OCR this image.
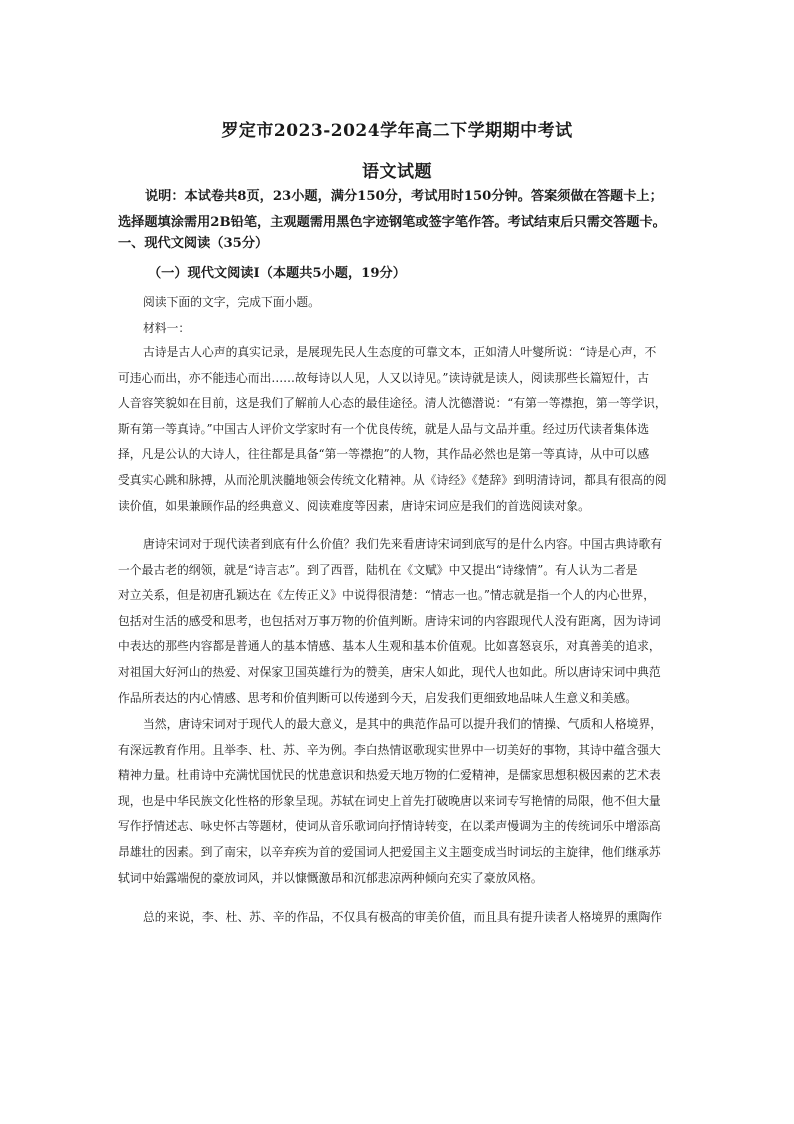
罗定市2023-2024学年高二下学期期中考试
语文试题
说明：本试卷共8页，23小题，满分150分，考试用时150分钟。答案须做在答题卡上；
选择题填涂需用2B铅笔，主观题需用黑色字迹钢笔或签字笔作答。考试结束后只需交答题卡。
一、现代文阅读（35分）
（一）现代文阅读Ⅰ（本题共5小题，19分）
阅读下面的文字，完成下面小题。
材料一：
古诗是古人心声的真实记录，是展现先民人生态度的可靠文本，正如清人叶燮所说：“诗是心声，不
可违心而出，亦不能违心而出……故每诗以人见，人又以诗见。”读诗就是读人，阅读那些长篇短什，古
人音容笑貌如在目前，这是我们了解前人心态的最佳途径。清人沈德潜说：“有第一等襟抱，第一等学识，
斯有第一等真诗。”中国古人评价文学家时有一个优良传统，就是人品与文品并重。经过历代读者集体选
择，凡是公认的大诗人，往往都是具备“第一等襟抱”的人物，其作品必然也是第一等真诗，从中可以感
受真实心跳和脉搏，从而沦肌浃髓地领会传统文化精神。从《诗经》《楚辞》到明清诗词，都具有很高的阅
读价值，如果兼顾作品的经典意义、阅读难度等因素，唐诗宋词应是我们的首选阅读对象。
唐诗宋词对于现代读者到底有什么价值？我们先来看唐诗宋词到底写的是什么内容。中国古典诗歌有
一个最古老的纲领，就是“诗言志”。到了西晋，陆机在《文赋》中又提出“诗缘情”。有人认为二者是
对立关系，但是初唐孔颖达在《左传正义》中说得很清楚：“情志一也。”情志就是指一个人的内心世界，
包括对生活的感受和思考，也包括对万事万物的价值判断。唐诗宋词的内容跟现代人没有距离，因为诗词
中表达的那些内容都是普通人的基本情感、基本人生观和基本价值观。比如喜怒哀乐，对真善美的追求，
对祖国大好河山的热爱、对保家卫国英雄行为的赞美，唐宋人如此，现代人也如此。所以唐诗宋词中典范
作品所表达的内心情感、思考和价值判断可以传递到今天，启发我们更细致地品味人生意义和美感。
当然，唐诗宋词对于现代人的最大意义，是其中的典范作品可以提升我们的情操、气质和人格境界，
有深远教育作用。且举李、杜、苏、辛为例。李白热情讴歌现实世界中一切美好的事物，其诗中蕴含强大
精神力量。杜甫诗中充满忧国忧民的忧患意识和热爱天地万物的仁爱精神，是儒家思想积极因素的艺术表
现，也是中华民族文化性格的形象呈现。苏轼在词史上首先打破晚唐以来词专写艳情的局限，他不但大量
写作抒情述志、咏史怀古等题材，使词从音乐歌词向抒情诗转变，在以柔声慢调为主的传统词乐中增添高
昂雄壮的因素。到了南宋，以辛弃疾为首的爱国词人把爱国主义主题变成当时词坛的主旋律，他们继承苏
轼词中始露端倪的豪放词风，并以慷慨激昂和沉郁悲凉两种倾向充实了豪放风格。
总的来说，李、杜、苏、辛的作品，不仅具有极高的审美价值，而且具有提升读者人格境界的熏陶作
